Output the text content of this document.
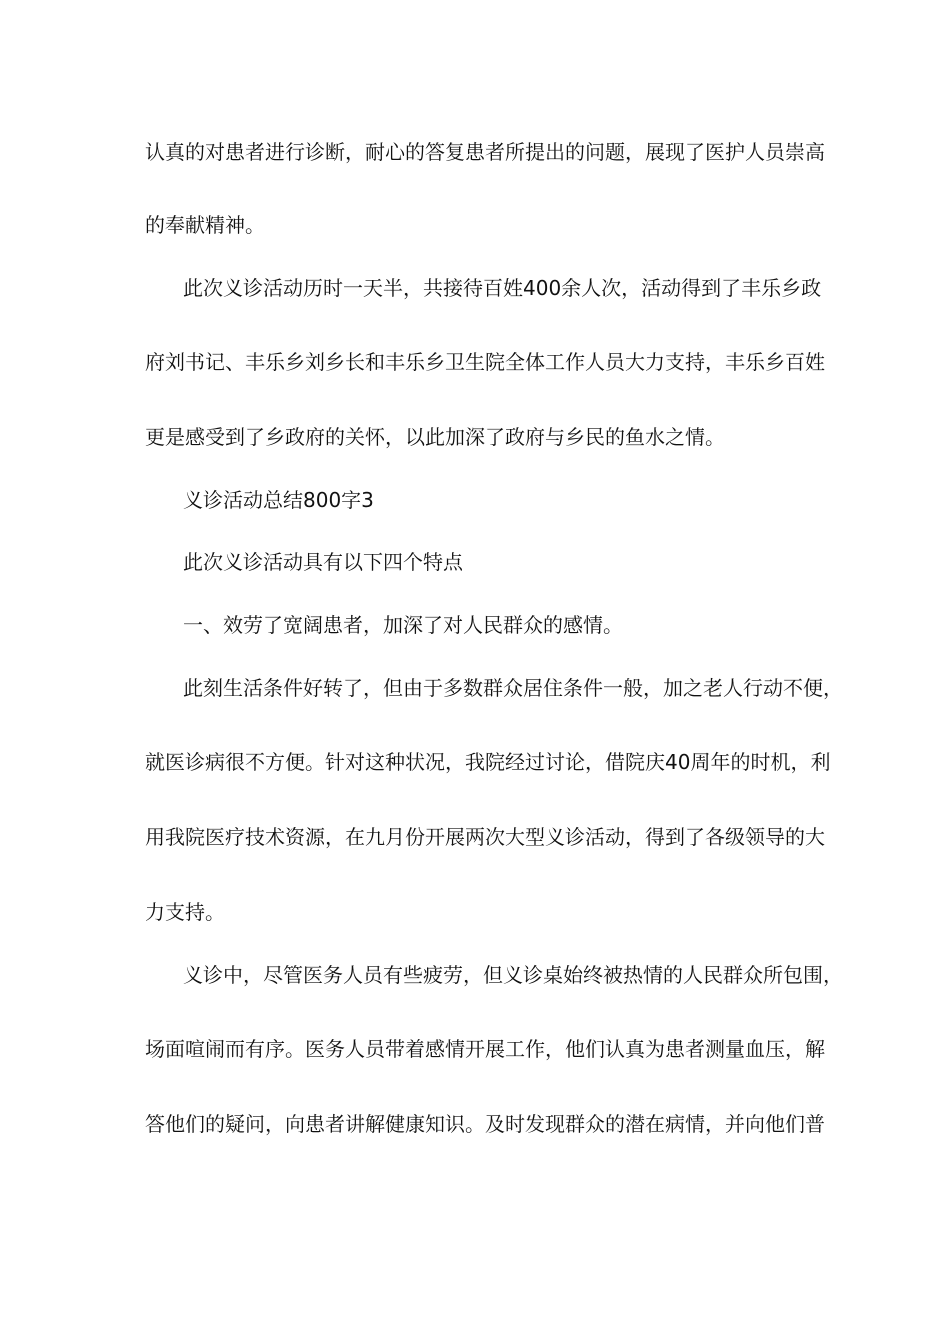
认真的对患者进行诊断，耐心的答复患者所提出的问题，展现了医护人员崇高
的奉献精神。
此次义诊活动历时一天半，共接待百姓400余人次，活动得到了丰乐乡政
府刘书记、丰乐乡刘乡长和丰乐乡卫生院全体工作人员大力支持，丰乐乡百姓
更是感受到了乡政府的关怀，以此加深了政府与乡民的鱼水之情。
义诊活动总结800字3
此次义诊活动具有以下四个特点
一、效劳了宽阔患者，加深了对人民群众的感情。
此刻生活条件好转了，但由于多数群众居住条件一般，加之老人行动不便，
就医诊病很不方便。针对这种状况，我院经过讨论，借院庆40周年的时机，利
用我院医疗技术资源，在九月份开展两次大型义诊活动，得到了各级领导的大
力支持。
义诊中，尽管医务人员有些疲劳，但义诊桌始终被热情的人民群众所包围，
场面喧闹而有序。医务人员带着感情开展工作，他们认真为患者测量血压，解
答他们的疑问，向患者讲解健康知识。及时发现群众的潜在病情，并向他们普
